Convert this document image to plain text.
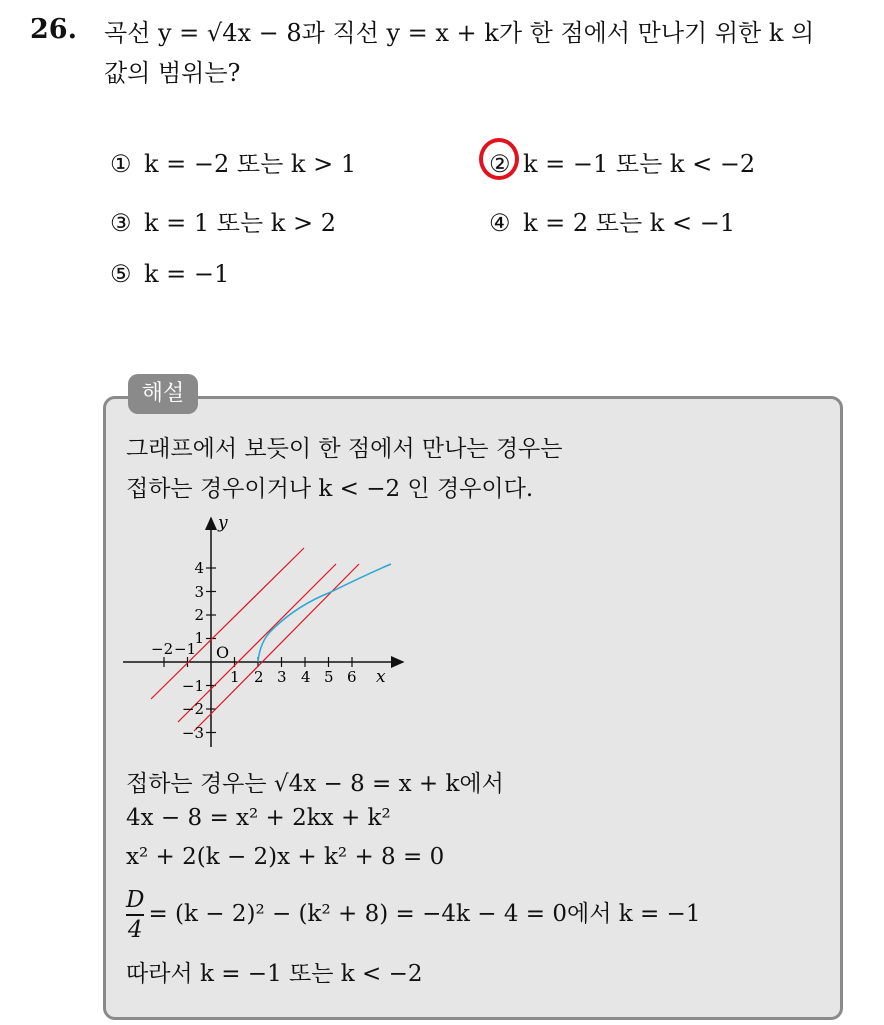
26. 곡선 y = √4x − 8과 직선 y = x + k가 한 점에서 만나기 위한 k 의
값의 범위는?
① k = −2 또는 k > 1	② k = −1 또는 k < −2
③ k = 1 또는 k > 2	④ k = 2 또는 k < −1
⑤ k = −1
해설
그래프에서 보듯이 한 점에서 만나는 경우는
접하는 경우이거나 k < −2 인 경우이다.
y
x
O
−2 −1
1 2 3 4 5 6
4
3
2
1
−1
−2
−3
접하는 경우는 √4x − 8 = x + k에서
4x − 8 = x² + 2kx + k²
x² + 2(k − 2)x + k² + 8 = 0
$\frac{D}{4} = (k - 2)^2 - (k^2 + 8) = -4k - 4 = 0$에서 k = −1
따라서 k = −1 또는 k < −2
